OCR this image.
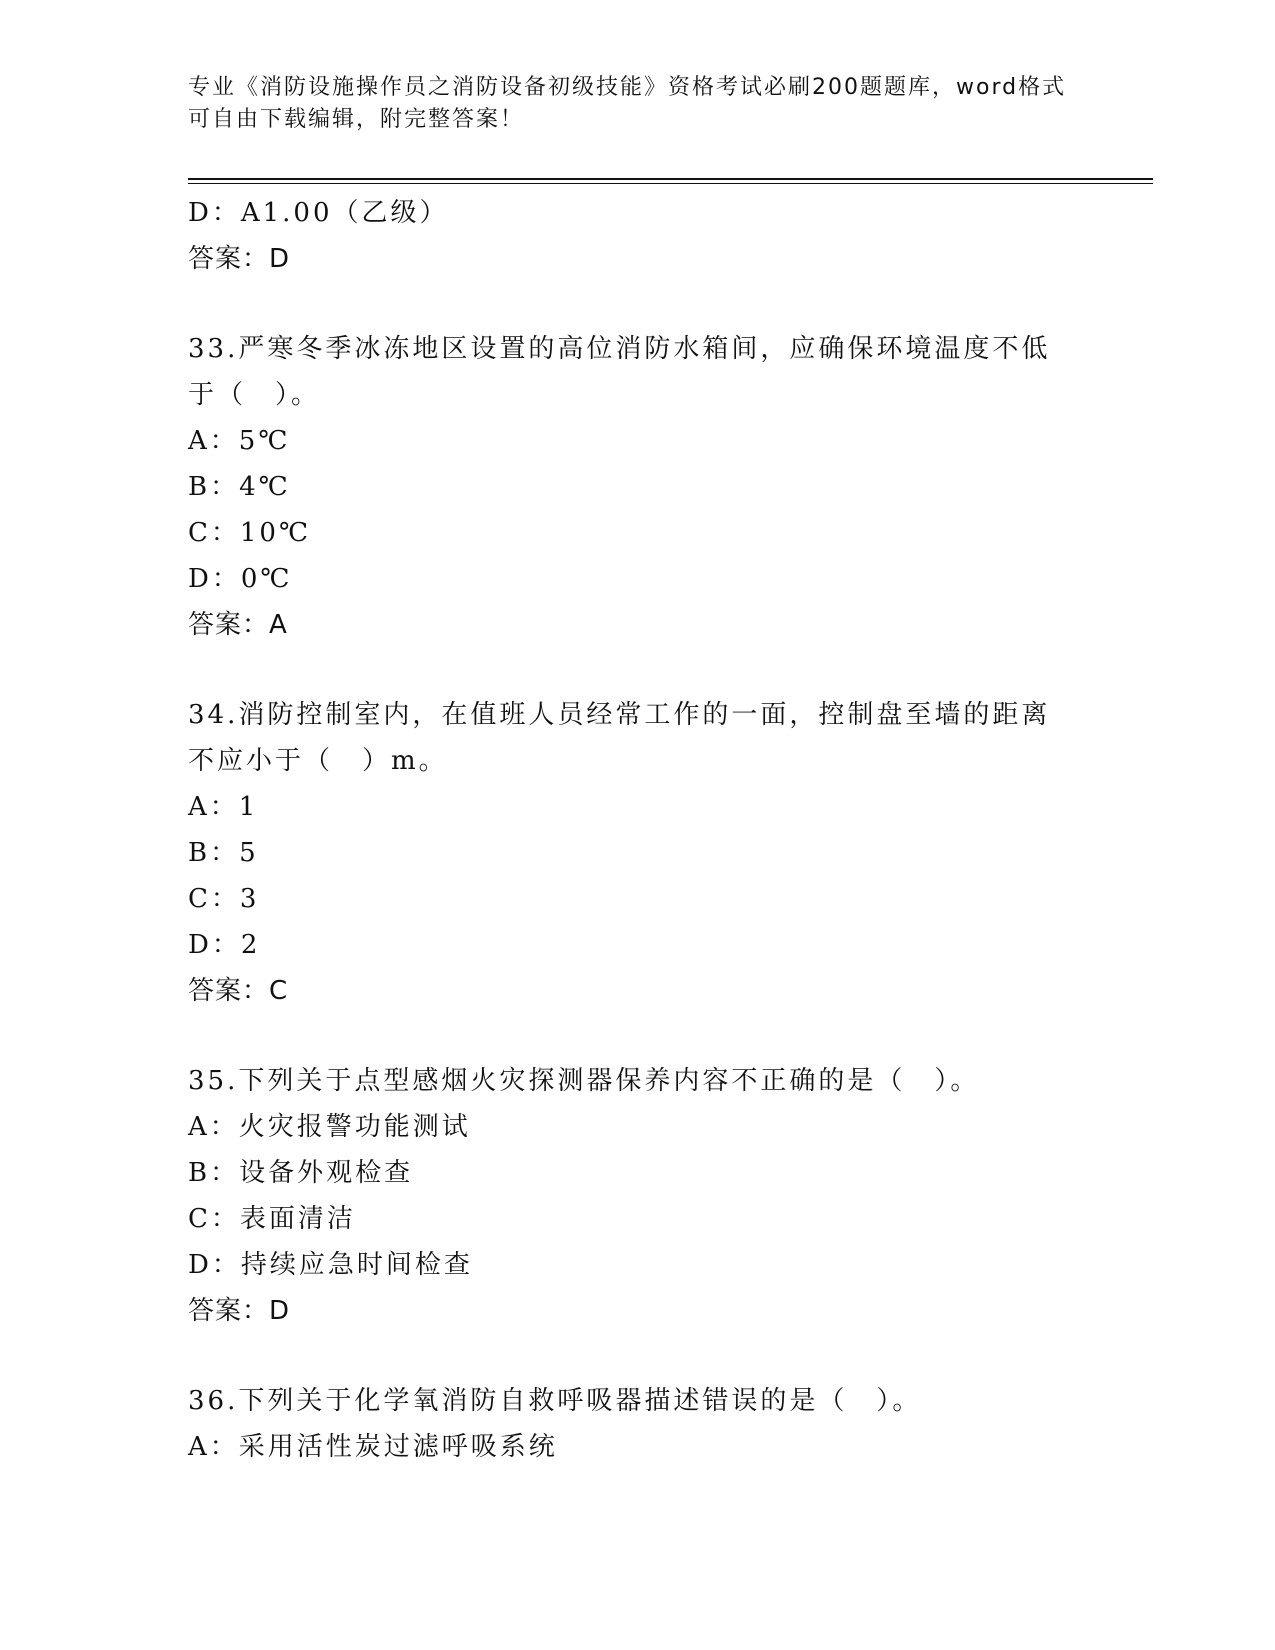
专业《消防设施操作员之消防设备初级技能》资格考试必刷200题题库，word格式可自由下载编辑，附完整答案！
D：A1.00（乙级）
答案：D
33.严寒冬季冰冻地区设置的高位消防水箱间，应确保环境温度不低于（　）。
A：5℃
B：4℃
C：10℃
D：0℃
答案：A
34.消防控制室内，在值班人员经常工作的一面，控制盘至墙的距离不应小于（　）m。
A：1
B：5
C：3
D：2
答案：C
35.下列关于点型感烟火灾探测器保养内容不正确的是（　）。
A：火灾报警功能测试
B：设备外观检查
C：表面清洁
D：持续应急时间检查
答案：D
36.下列关于化学氧消防自救呼吸器描述错误的是（　）。
A：采用活性炭过滤呼吸系统
